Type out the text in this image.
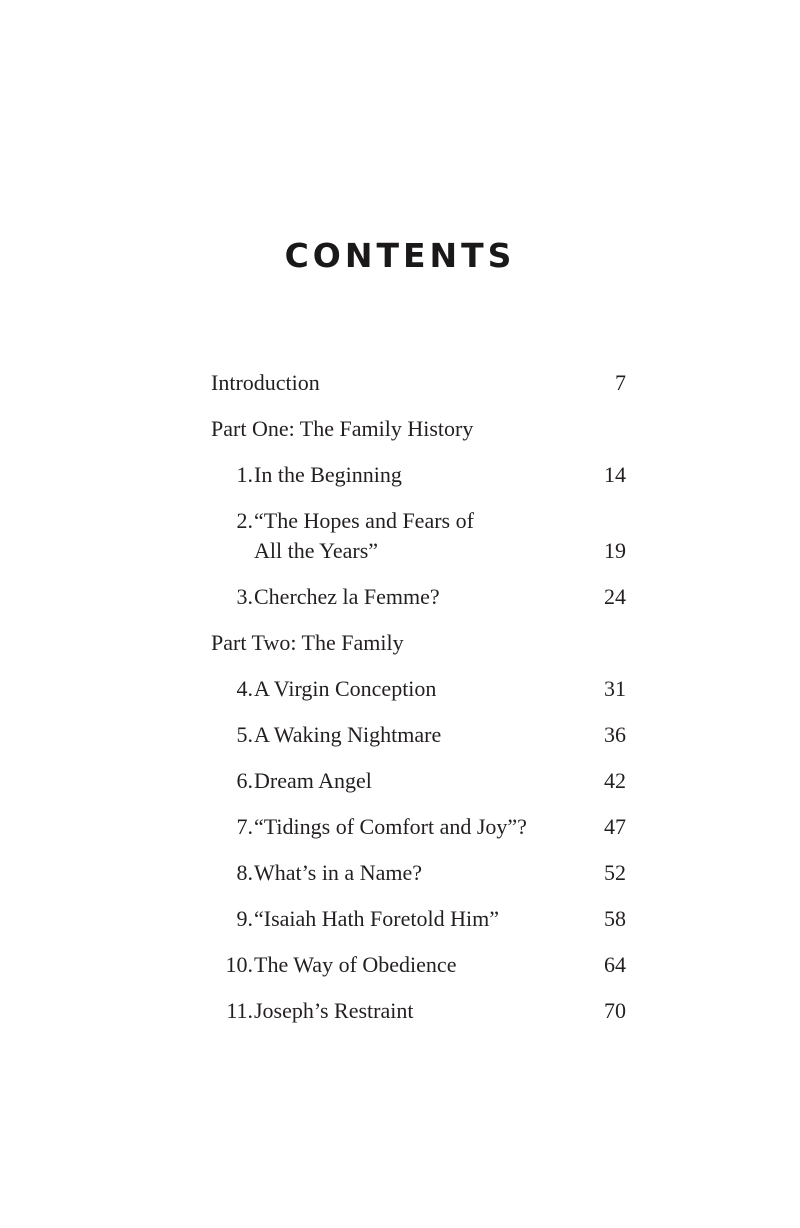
CONTENTS
Introduction	7
Part One: The Family History
1. In the Beginning	14
2. “The Hopes and Fears of
All the Years”	19
3. Cherchez la Femme?	24
Part Two: The Family
4. A Virgin Conception	31
5. A Waking Nightmare	36
6. Dream Angel	42
7. “Tidings of Comfort and Joy”?	47
8. What’s in a Name?	52
9. “Isaiah Hath Foretold Him”	58
10. The Way of Obedience	64
11. Joseph’s Restraint	70
